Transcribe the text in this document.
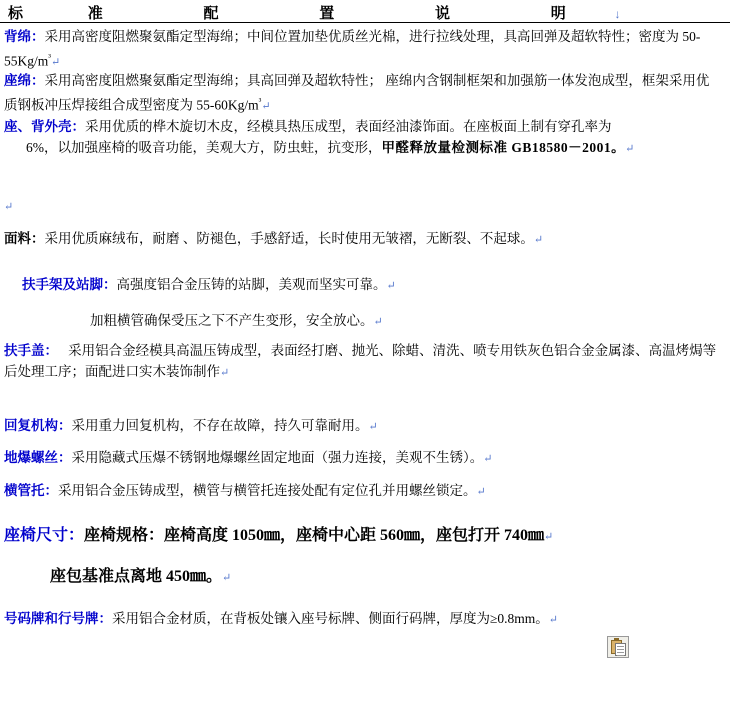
标	准	配	置	说	明	↓
背绵：采用高密度阻燃聚氨酯定型海绵；中间位置加垫优质丝光棉，进行拉线处理，具高回弹及超软特性；密度为 $50-55Kg/m^{^3}↵$
座绵：采用高密度阻燃聚氨酯定型海绵；具高回弹及超软特性； 座绵内含钢制框架和加强筋一体发泡成型，框架采用优质钢板冲压焊接组合成型密度为 $55-60Kg/m^{^3}↵$
座、背外壳：采用优质的桦木旋切木皮，经模具热压成型，表面经油漆饰面。在座板面上制有穿孔率为
6%，以加强座椅的吸音功能，美观大方，防虫蛀，抗变形，甲醛释放量检测标准 GB18580－2001。↵
↵
面料：采用优质麻绒布，耐磨 、防褪色，手感舒适，长时使用无皱褶，无断裂、不起球。↵
扶手架及站脚：高强度铝合金压铸的站脚，美观而坚实可靠。↵
加粗横管确保受压之下不产生变形，安全放心。↵
扶手盖：   采用铝合金经模具高温压铸成型，表面经打磨、抛光、除蜡、清洗、喷专用铁灰色铝合金金属漆、高温烤焗等后处理工序；面配进口实木装饰制作↵
回复机构：采用重力回复机构，不存在故障，持久可靠耐用。↵
地爆螺丝：采用隐藏式压爆不锈钢地爆螺丝固定地面（强力连接，美观不生锈）。↵
横管托：采用铝合金压铸成型，横管与横管托连接处配有定位孔并用螺丝锁定。↵
座椅尺寸：座椅规格：座椅高度 1050㎜，座椅中心距 560㎜，座包打开 740㎜↵
座包基准点离地 450㎜。↵
号码牌和行号牌：采用铝合金材质，在背板处镶入座号标牌、侧面行码牌，厚度为≥0.8mm。↵
